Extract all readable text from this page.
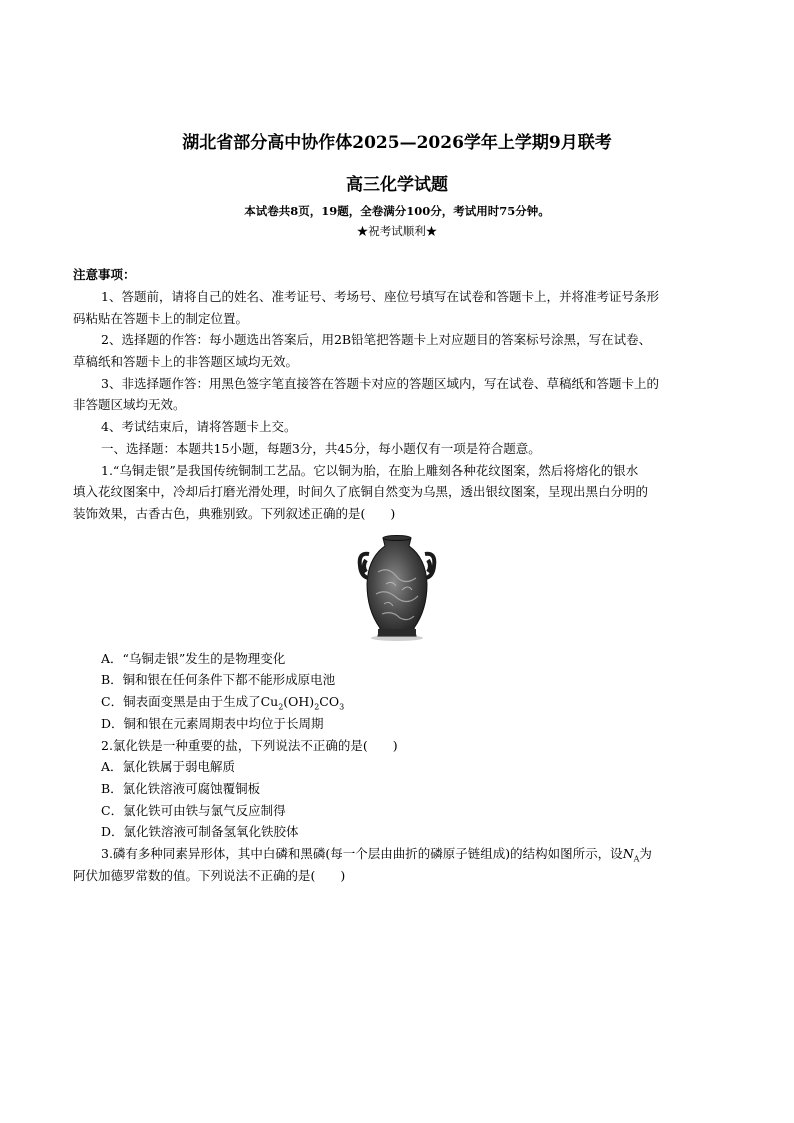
湖北省部分高中协作体2025—2026学年上学期9月联考
高三化学试题
本试卷共8页，19题，全卷满分100分，考试用时75分钟。
★祝考试顺利★
注意事项：
1、答题前，请将自己的姓名、准考证号、考场号、座位号填写在试卷和答题卡上，并将准考证号条形
码粘贴在答题卡上的制定位置。
2、选择题的作答：每小题选出答案后，用2B铅笔把答题卡上对应题目的答案标号涂黑，写在试卷、
草稿纸和答题卡上的非答题区域均无效。
3、非选择题作答：用黑色签字笔直接答在答题卡对应的答题区域内，写在试卷、草稿纸和答题卡上的
非答题区域均无效。
4、考试结束后，请将答题卡上交。
一、选择题：本题共15小题，每题3分，共45分，每小题仅有一项是符合题意。
1.“乌铜走银”是我国传统铜制工艺品。它以铜为胎，在胎上雕刻各种花纹图案，然后将熔化的银水
填入花纹图案中，冷却后打磨光滑处理，时间久了底铜自然变为乌黑，透出银纹图案，呈现出黑白分明的
装饰效果，古香古色，典雅别致。下列叙述正确的是(　　)
A．“乌铜走银”发生的是物理变化
B．铜和银在任何条件下都不能形成原电池
C．铜表面变黑是由于生成了$Cu_2(OH)_2CO_3$
D．铜和银在元素周期表中均位于长周期
2.氯化铁是一种重要的盐，下列说法不正确的是(　　)
A．氯化铁属于弱电解质
B．氯化铁溶液可腐蚀覆铜板
C．氯化铁可由铁与氯气反应制得
D．氯化铁溶液可制备氢氧化铁胶体
3.磷有多种同素异形体，其中白磷和黑磷(每一个层由曲折的磷原子链组成)的结构如图所示，设$N_A$为
阿伏加德罗常数的值。下列说法不正确的是(　　)
